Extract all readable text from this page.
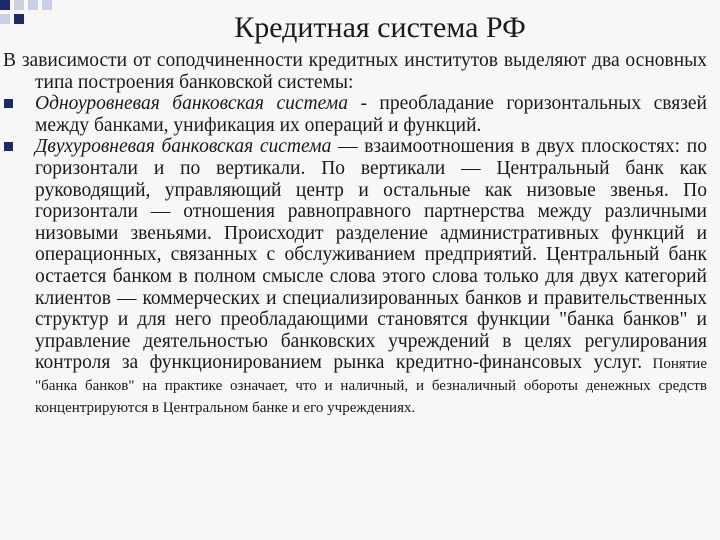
Кредитная система РФ

В зависимости от соподчиненности кредитных институтов выделяют два основных типа построения банковской системы:

Одноуровневая банковская система - преобладание горизонтальных связей между банками, унификация их операций и функций.

Двухуровневая банковская система — взаимоотношения в двух плоскостях: по горизонтали и по вертикали. По вертикали — Центральный банк как руководящий, управляющий центр и остальные как низовые звенья. По горизонтали — отношения равноправного партнерства между различными низовыми звеньями. Происходит разделение административных функций и операционных, связанных с обслуживанием предприятий. Центральный банк остается банком в полном смысле слова этого слова только для двух категорий клиентов — коммерческих и специализированных банков и правительственных структур и для него преобладающими становятся функции "банка банков" и управление деятельностью банковских учреждений в целях регулирования контроля за функционированием рынка кредитно-финансовых услуг. Понятие "банка банков" на практике означает, что и наличный, и безналичный обороты денежных средств концентрируются в Центральном банке и его учреждениях.
